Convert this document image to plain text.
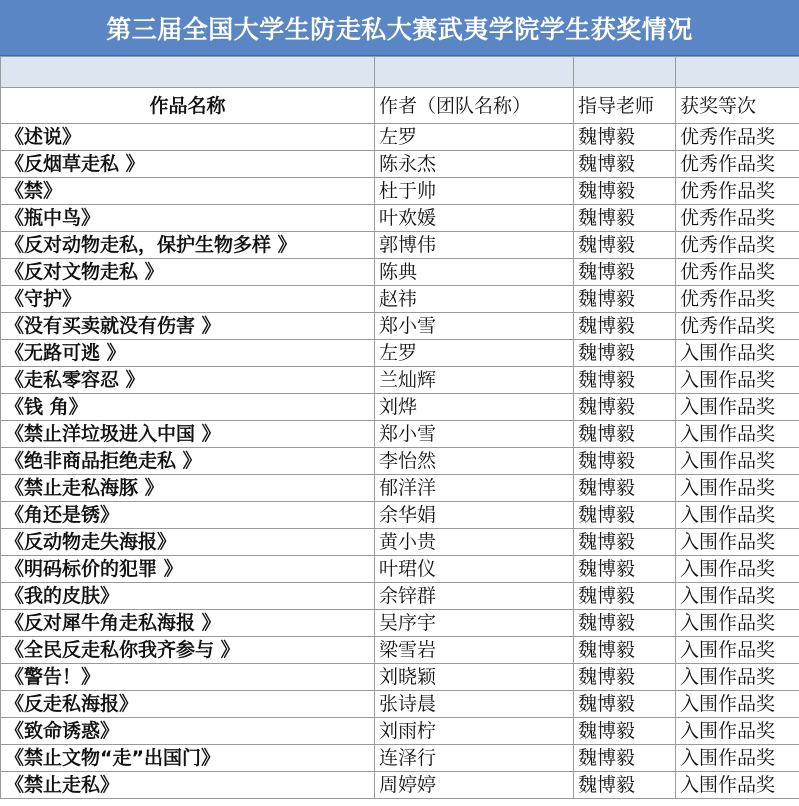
第三届全国大学生防走私大赛武夷学院学生获奖情况

作品名称	作者（团队名称）	指导老师	获奖等次
《述说》	左罗	魏博毅	优秀作品奖
《反烟草走私 》	陈永杰	魏博毅	优秀作品奖
《禁》	杜于帅	魏博毅	优秀作品奖
《瓶中鸟》	叶欢媛	魏博毅	优秀作品奖
《反对动物走私，保护生物多样 》	郭博伟	魏博毅	优秀作品奖
《反对文物走私 》	陈典	魏博毅	优秀作品奖
《守护》	赵祎	魏博毅	优秀作品奖
《没有买卖就没有伤害 》	郑小雪	魏博毅	优秀作品奖
《无路可逃 》	左罗	魏博毅	入围作品奖
《走私零容忍 》	兰灿辉	魏博毅	入围作品奖
《钱 角》	刘烨	魏博毅	入围作品奖
《禁止洋垃圾进入中国 》	郑小雪	魏博毅	入围作品奖
《绝非商品拒绝走私 》	李怡然	魏博毅	入围作品奖
《禁止走私海豚 》	郁洋洋	魏博毅	入围作品奖
《角还是锈》	余华娟	魏博毅	入围作品奖
《反动物走失海报》	黄小贵	魏博毅	入围作品奖
《明码标价的犯罪 》	叶珺仪	魏博毅	入围作品奖
《我的皮肤》	余锌群	魏博毅	入围作品奖
《反对犀牛角走私海报 》	吴序宇	魏博毅	入围作品奖
《全民反走私你我齐参与 》	梁雪岩	魏博毅	入围作品奖
《警告！》	刘晓颖	魏博毅	入围作品奖
《反走私海报》	张诗晨	魏博毅	入围作品奖
《致命诱惑》	刘雨柠	魏博毅	入围作品奖
《禁止文物“走”出国门》	连泽行	魏博毅	入围作品奖
《禁止走私》	周婷婷	魏博毅	入围作品奖
